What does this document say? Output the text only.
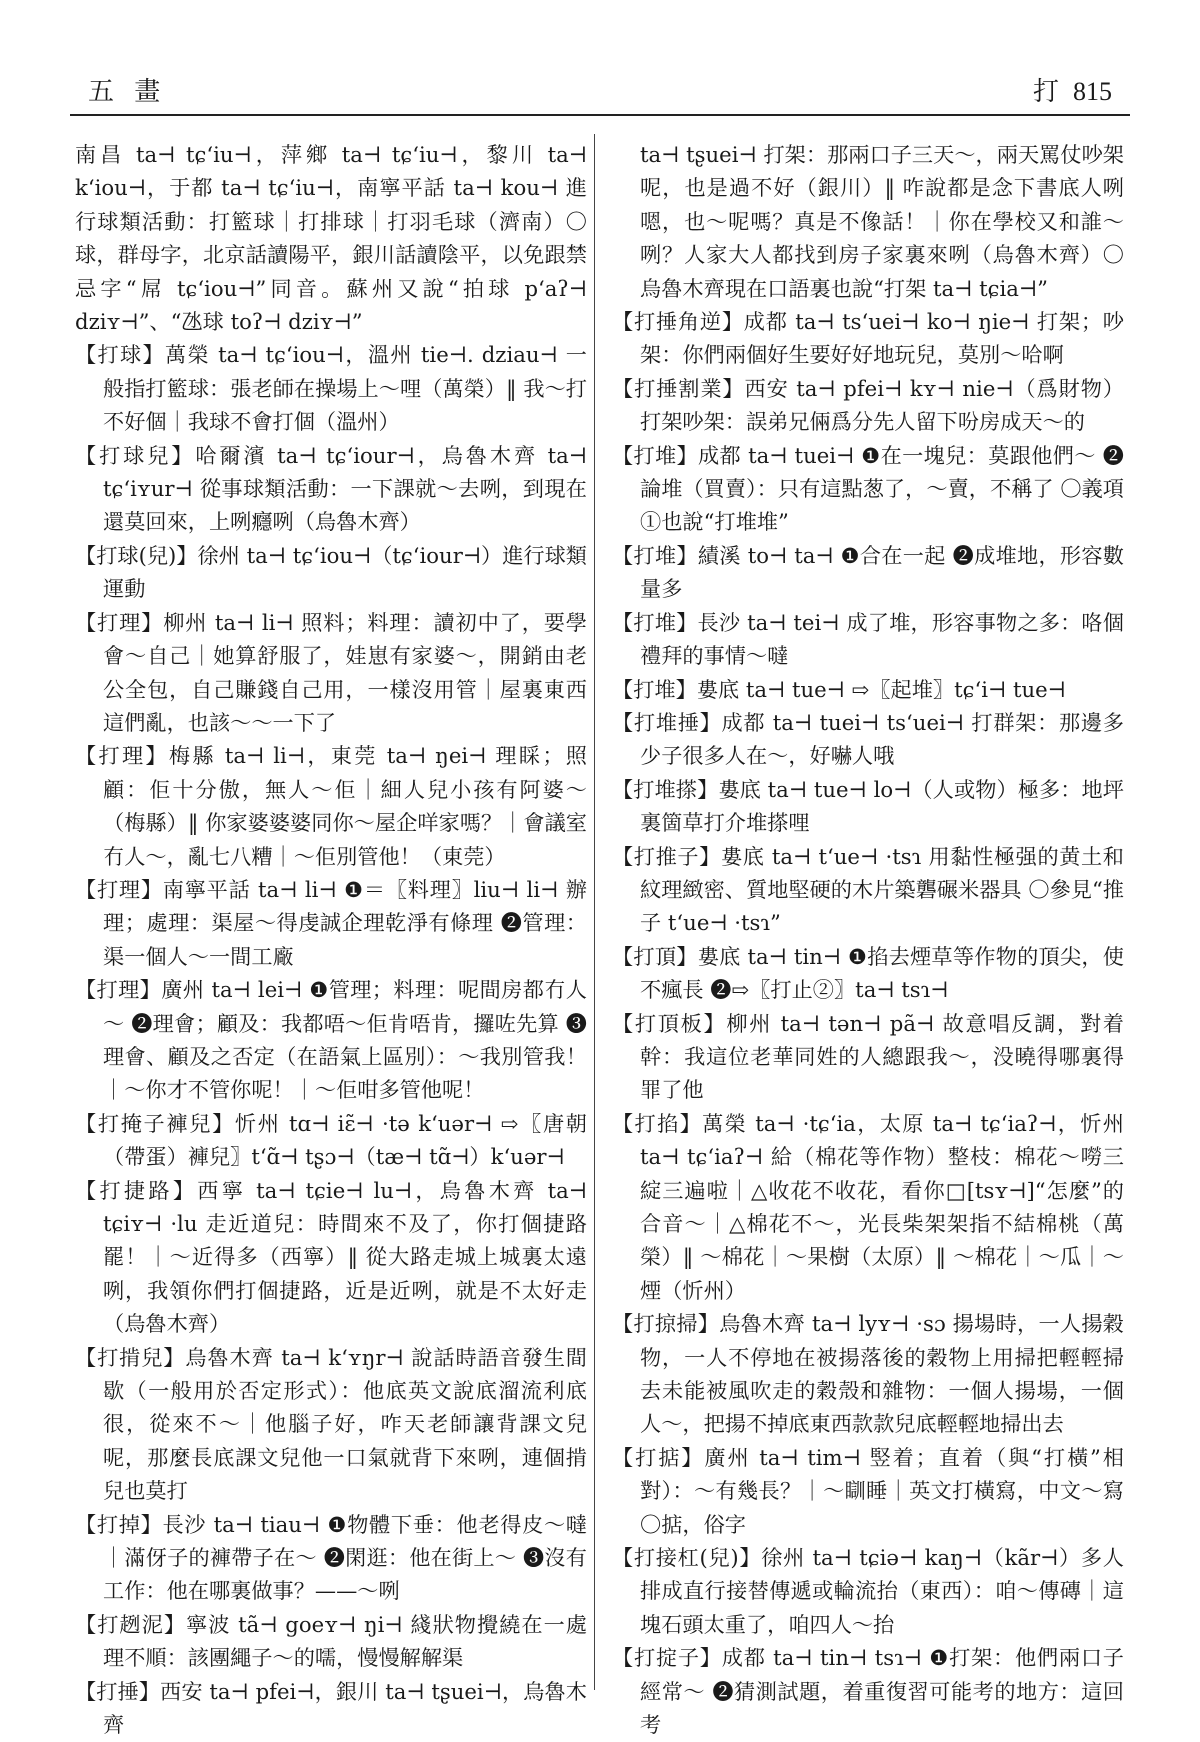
五 畫	打 815
南昌 ta⊣ tɕʻiu⊣，萍鄉 ta⊣ tɕʻiu⊣，黎川 ta⊣ kʻiou⊣，于都 ta⊣ tɕʻiu⊣，南寧平話 ta⊣ kou⊣ 進行球類活動：打籃球｜打排球｜打羽毛球（濟南）〇球，群母字，北京話讀陽平，銀川話讀陰平，以免跟禁忌字“屌 tɕʻiou⊣”同音。蘇州又說“拍球 pʻaʔ⊣ dziʏ⊣”、“氹球 toʔ⊣ dziʏ⊣”
【打球】萬榮 ta⊣ tɕʻiou⊣，溫州 tie⊣. dziau⊣ 一般指打籃球：張老師在操場上～哩（萬榮）‖ 我～打不好個｜我球不會打個（溫州）
【打球兒】哈爾濱 ta⊣ tɕʻiour⊣，烏魯木齊 ta⊣ tɕʻiʏur⊣ 從事球類活動：一下課就～去咧，到現在還莫回來，上咧癮咧（烏魯木齊）
【打球(兒)】徐州 ta⊣ tɕʻiou⊣（tɕʻiour⊣）進行球類運動
【打理】柳州 ta⊣ li⊣ 照料；料理：讀初中了，要學會～自己｜她算舒服了，娃崽有家婆～，開銷由老公全包，自己賺錢自己用，一樣沒用管｜屋裏東西這們亂，也該～～一下了
【打理】梅縣 ta⊣ li⊣，東莞 ta⊣ ŋei⊣ 理睬；照顧：佢十分傲，無人～佢｜細人兒小孩有阿婆～（梅縣）‖ 你家婆婆婆同你～屋企咩家嗎？｜會議室冇人～，亂七八糟｜～佢別管他！（東莞）
【打理】南寧平話 ta⊣ li⊣ ❶＝〖料理〗liu⊣ li⊣ 辦理；處理：渠屋～得虔誠企理乾淨有條理 ❷管理：渠一個人～一間工廠
【打理】廣州 ta⊣ lei⊣ ❶管理；料理：呢間房都冇人～ ❷理會；顧及：我都唔～佢肯唔肯，攞咗先算 ❸理會、顧及之否定（在語氣上區別）：～我別管我！｜～你才不管你呢！｜～佢咁多管他呢！
【打掩子褲兒】忻州 tɑ⊣ iɛ̃⊣ ·tə kʻuər⊣ ⇨〖唐朝（帶蛋）褲兒〗tʻɑ̃⊣ tʂɔ⊣（tæ⊣ tɑ̃⊣）kʻuər⊣
【打捷路】西寧 ta⊣ tɕie⊣ lu⊣，烏魯木齊 ta⊣ tɕiʏ⊣ ·lu 走近道兒：時間來不及了，你打個捷路罷！｜～近得多（西寧）‖ 從大路走城上城裏太遠咧，我領你們打個捷路，近是近咧，就是不太好走（烏魯木齊）
【打掯兒】烏魯木齊 ta⊣ kʻʏŋr⊣ 說話時語音發生間歇（一般用於否定形式）：他底英文說底溜流利底很，從來不～｜他腦子好，咋天老師讓背課文兒呢，那麼長底課文兒他一口氣就背下來咧，連個掯兒也莫打
【打掉】長沙 ta⊣ tiau⊣ ❶物體下垂：他老得皮～噠｜滿伢子的褲帶子在～ ❷閑逛：他在街上～ ❸沒有工作：他在哪裏做事？——～咧
【打趔泥】寧波 tã⊣ goeʏ⊣ ŋi⊣ 綫狀物攪繞在一處理不順：該團繩子～的嚅，慢慢解解渠
【打捶】西安 ta⊣ pfei⊣，銀川 ta⊣ tʂuei⊣，烏魯木齊
ta⊣ tʂuei⊣ 打架：那兩口子三天～，兩天罵仗吵架呢，也是過不好（銀川）‖ 咋說都是念下書底人咧嗯，也～呢嗎？真是不像話！｜你在學校又和誰～咧？人家大人都找到房子家裏來咧（烏魯木齊）〇烏魯木齊現在口語裏也說“打架 ta⊣ tɕia⊣”
【打捶角逆】成都 ta⊣ tsʻuei⊣ ko⊣ ŋie⊣ 打架；吵架：你們兩個好生要好好地玩兒，莫別～哈啊
【打捶割業】西安 ta⊣ pfei⊣ kʏ⊣ nie⊣（爲財物）打架吵架：誤弟兄倆爲分先人留下吩房成天～的
【打堆】成都 ta⊣ tuei⊣ ❶在一塊兒：莫跟他們～ ❷論堆（買賣）：只有這點葱了，～賣，不稱了 〇義項①也說“打堆堆”
【打堆】績溪 to⊣ ta⊣ ❶合在一起 ❷成堆地，形容數量多
【打堆】長沙 ta⊣ tei⊣ 成了堆，形容事物之多：咯個禮拜的事情～噠
【打堆】婁底 ta⊣ tue⊣ ⇨〖起堆〗tɕʻi⊣ tue⊣
【打堆捶】成都 ta⊣ tuei⊣ tsʻuei⊣ 打群架：那邊多少子很多人在～，好嚇人哦
【打堆搽】婁底 ta⊣ tue⊣ lo⊣（人或物）極多：地坪裏箇草打介堆搽哩
【打推子】婁底 ta⊣ tʻue⊣ ·tsɿ 用黏性極强的黄土和紋理緻密、質地堅硬的木片築礱碾米器具 〇參見“推子 tʻue⊣ ·tsɿ”
【打頂】婁底 ta⊣ tin⊣ ❶掐去煙草等作物的頂尖，使不瘋長 ❷⇨〖打止②〗ta⊣ tsɿ⊣
【打頂板】柳州 ta⊣ tən⊣ pã⊣ 故意唱反調，對着幹：我這位老華同姓的人總跟我～，没曉得哪裏得罪了他
【打掐】萬榮 ta⊣ ·tɕʻia，太原 ta⊣ tɕʻiaʔ⊣，忻州 ta⊣ tɕʻiaʔ⊣ 給（棉花等作物）整枝：棉花～嘮三綻三遍啦｜△收花不收花，看你□[tsʏ⊣]“怎麼”的合音～｜△棉花不～，光長柴架架指不結棉桃（萬榮）‖ ～棉花｜～果樹（太原）‖ ～棉花｜～瓜｜～煙（忻州）
【打掠掃】烏魯木齊 ta⊣ lyʏ⊣ ·sɔ 揚場時，一人揚穀物，一人不停地在被揚落後的穀物上用掃把輕輕掃去未能被風吹走的穀殼和雜物：一個人揚場，一個人～，把揚不掉底東西款款兒底輕輕地掃出去
【打掂】廣州 ta⊣ tim⊣ 竪着；直着（與“打橫”相對）：～有幾長？｜～瞓睡｜英文打橫寫，中文～寫 〇掂，俗字
【打接杠(兒)】徐州 ta⊣ tɕiə⊣ kaŋ⊣（kãr⊣）多人排成直行接替傳遞或輪流抬（東西）：咱～傳磚｜這塊石頭太重了，咱四人～抬
【打掟子】成都 ta⊣ tin⊣ tsɿ⊣ ❶打架：他們兩口子經常～ ❷猜測試題，着重復習可能考的地方：這回考
